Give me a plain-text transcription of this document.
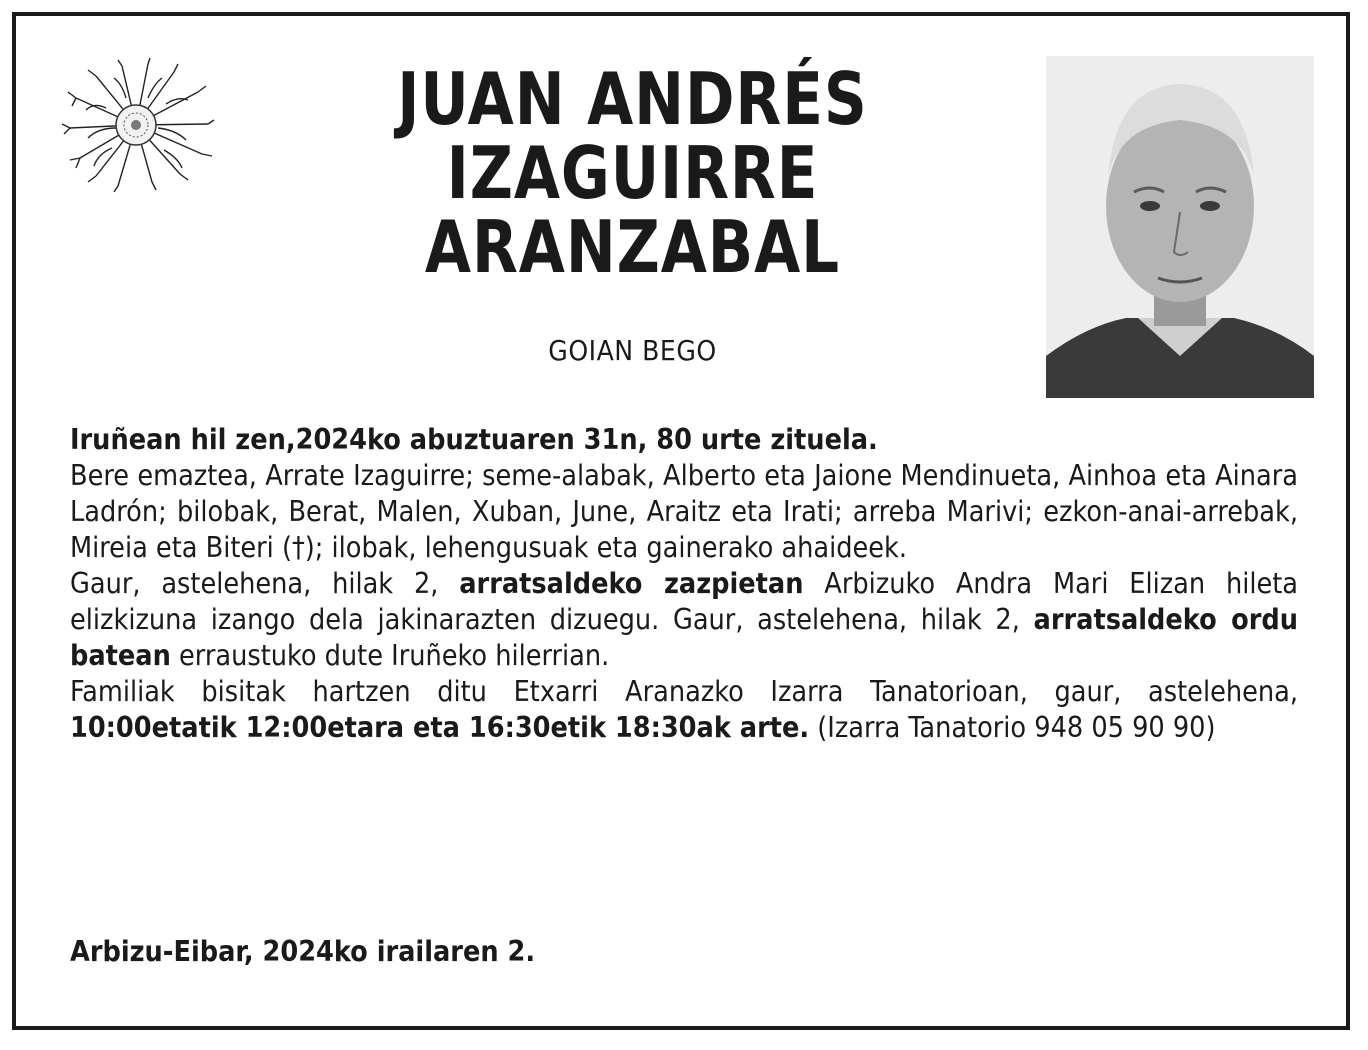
JUAN ANDRÉS
IZAGUIRRE
ARANZABAL
GOIAN BEGO

Iruñean hil zen,2024ko abuztuaren 31n, 80 urte zituela.

Bere emaztea, Arrate Izaguirre; seme-alabak, Alberto eta Jaione Mendinueta, Ainhoa eta Ainara Ladrón; bilobak, Berat, Malen, Xuban, June, Araitz eta Irati; arreba Marivi; ezkon-anai-arrebak, Mireia eta Biteri (†); ilobak, lehengusuak eta gainerako ahaideek.

Gaur, astelehena, hilak 2, arratsaldeko zazpietan Arbizuko Andra Mari Elizan hileta elizkizuna izango dela jakinarazten dizuegu. Gaur, astelehena, hilak 2, arratsaldeko ordu batean erraustuko dute Iruñeko hilerrian.

Familiak bisitak hartzen ditu Etxarri Aranazko Izarra Tanatorioan, gaur, astelehena, 10:00etatik 12:00etara eta 16:30etik 18:30ak arte. (Izarra Tanatorio 948 05 90 90)

Arbizu-Eibar, 2024ko irailaren 2.
